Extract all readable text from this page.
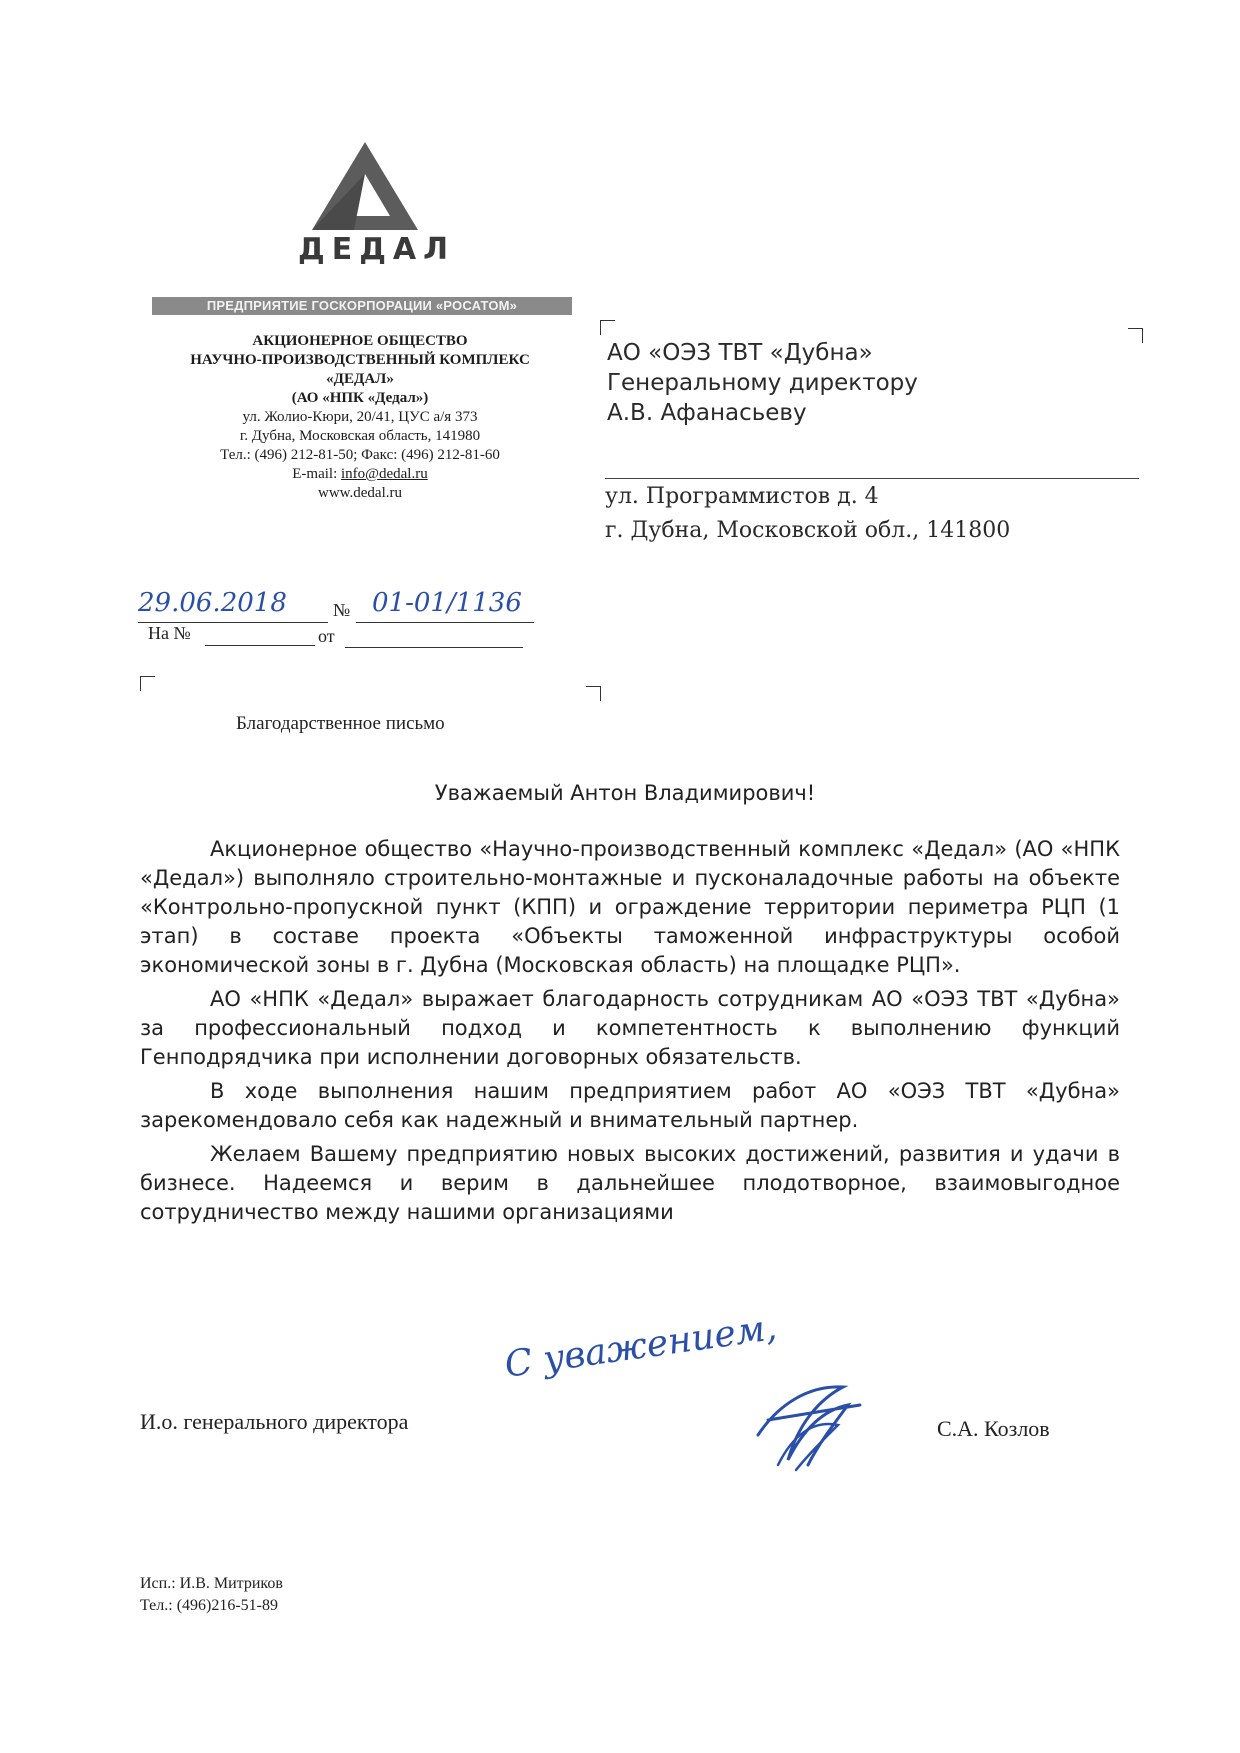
ДЕДАЛ
ПРЕДПРИЯТИЕ ГОСКОРПОРАЦИИ «РОСАТОМ»
АКЦИОНЕРНОЕ ОБЩЕСТВО
НАУЧНО-ПРОИЗВОДСТВЕННЫЙ КОМПЛЕКС
«ДЕДАЛ»
(АО «НПК «Дедал»)
ул. Жолио-Кюри, 20/41, ЦУС а/я 373
г. Дубна, Московская область, 141980
Тел.: (496) 212-81-50; Факс: (496) 212-81-60
E-mail: info@dedal.ru
www.dedal.ru
АО «ОЭЗ ТВТ «Дубна»
Генеральному директору
А.В. Афанасьеву
ул. Программистов д. 4
г. Дубна, Московской обл., 141800
29.06.2018	№ 01-01/1136
На №	от
Благодарственное письмо
Уважаемый Антон Владимирович!

Акционерное общество «Научно-производственный комплекс «Дедал» (АО «НПК «Дедал») выполняло строительно-монтажные и пусконаладочные работы на объекте «Контрольно-пропускной пункт (КПП) и ограждение территории периметра РЦП (1 этап) в составе проекта «Объекты таможенной инфраструктуры особой экономической зоны в г. Дубна (Московская область) на площадке РЦП».

АО «НПК «Дедал» выражает благодарность сотрудникам АО «ОЭЗ ТВТ «Дубна» за профессиональный подход и компетентность к выполнению функций Генподрядчика при исполнении договорных обязательств.

В ходе выполнения нашим предприятием работ АО «ОЭЗ ТВТ «Дубна» зарекомендовало себя как надежный и внимательный партнер.

Желаем Вашему предприятию новых высоких достижений, развития и удачи в бизнесе. Надеемся и верим в дальнейшее плодотворное, взаимовыгодное сотрудничество между нашими организациями

И.о. генерального директора
С уважением,
С.А. Козлов
Исп.: И.В. Митриков
Тел.: (496)216-51-89
